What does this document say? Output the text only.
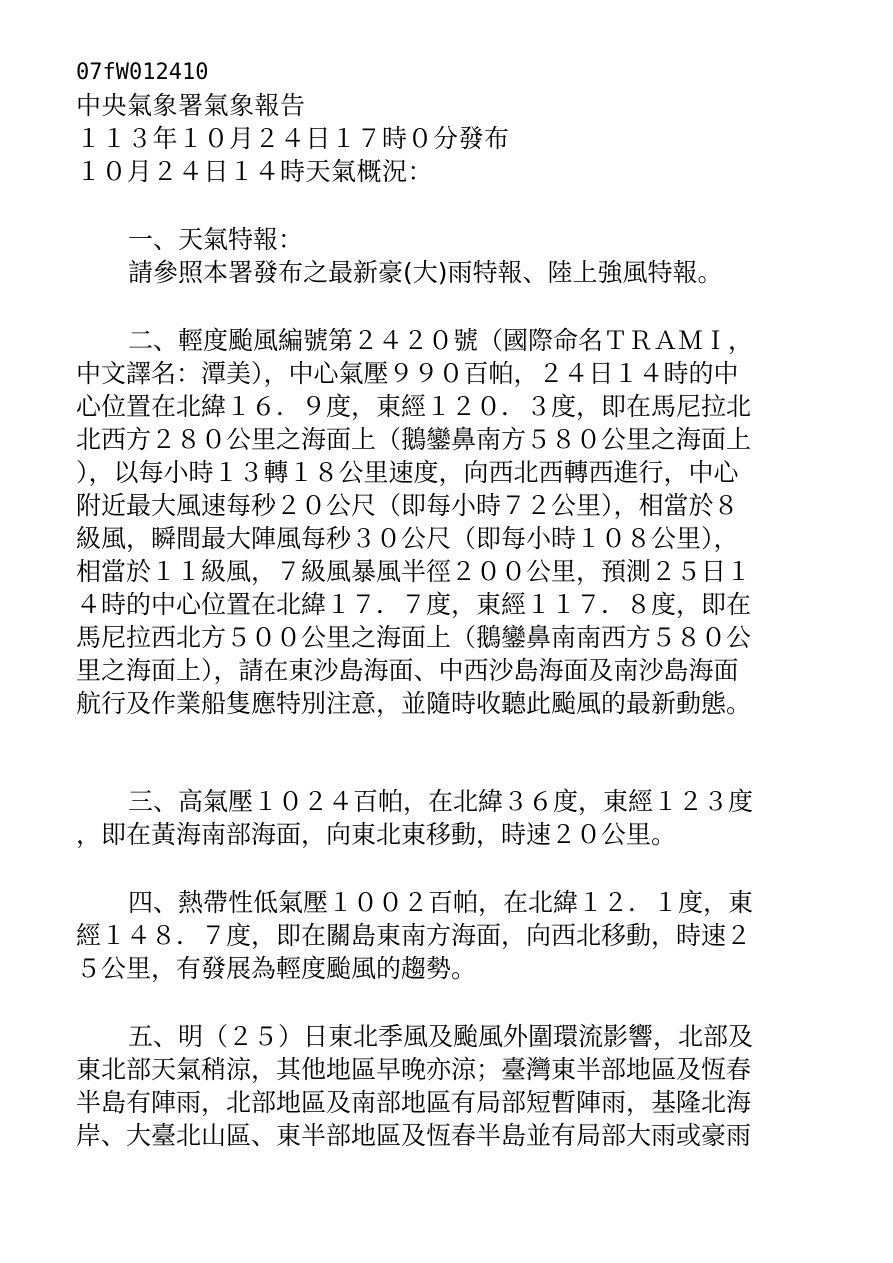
07fW012410

中央氣象署氣象報告

１１３年１０月２４日１７時０分發布

１０月２４日１４時天氣概況：

一、天氣特報：

請參照本署發布之最新豪(大)雨特報、陸上強風特報。

二、輕度颱風編號第２４２０號（國際命名ＴＲＡＭＩ，

中文譯名：潭美），中心氣壓９９０百帕，２４日１４時的中

心位置在北緯１６．９度，東經１２０．３度，即在馬尼拉北

北西方２８０公里之海面上（鵝鑾鼻南方５８０公里之海面上

），以每小時１３轉１８公里速度，向西北西轉西進行，中心

附近最大風速每秒２０公尺（即每小時７２公里），相當於８

級風，瞬間最大陣風每秒３０公尺（即每小時１０８公里），

相當於１１級風，７級風暴風半徑２００公里，預測２５日１

４時的中心位置在北緯１７．７度，東經１１７．８度，即在

馬尼拉西北方５００公里之海面上（鵝鑾鼻南南西方５８０公

里之海面上），請在東沙島海面、中西沙島海面及南沙島海面

航行及作業船隻應特別注意，並隨時收聽此颱風的最新動態。

三、高氣壓１０２４百帕，在北緯３６度，東經１２３度

，即在黃海南部海面，向東北東移動，時速２０公里。

四、熱帶性低氣壓１００２百帕，在北緯１２．１度，東

經１４８．７度，即在關島東南方海面，向西北移動，時速２

５公里，有發展為輕度颱風的趨勢。

五、明（２５）日東北季風及颱風外圍環流影響，北部及

東北部天氣稍涼，其他地區早晚亦涼；臺灣東半部地區及恆春

半島有陣雨，北部地區及南部地區有局部短暫陣雨，基隆北海

岸、大臺北山區、東半部地區及恆春半島並有局部大雨或豪雨
